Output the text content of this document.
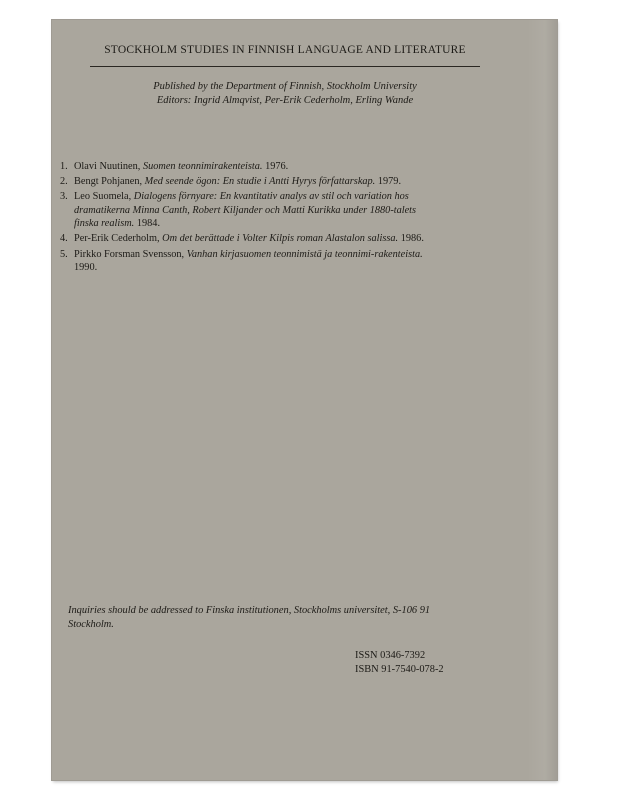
STOCKHOLM STUDIES IN FINNISH LANGUAGE AND LITERATURE
Published by the Department of Finnish, Stockholm University
Editors: Ingrid Almqvist, Per-Erik Cederholm, Erling Wande
1. Olavi Nuutinen, Suomen teonnimirakenteista. 1976.
2. Bengt Pohjanen, Med seende ögon: En studie i Antti Hyrys författarskap. 1979.
3. Leo Suomela, Dialogens förnyare: En kvantitativ analys av stil och variation hos dramatikerna Minna Canth, Robert Kiljander och Matti Kurikka under 1880-talets finska realism. 1984.
4. Per-Erik Cederholm, Om det berättade i Volter Kilpis roman Alastalon salissa. 1986.
5. Pirkko Forsman Svensson, Vanhan kirjasuomen teonnimistä ja teonnimi-rakenteista. 1990.
Inquiries should be addressed to Finska institutionen, Stockholms universitet, S-106 91 Stockholm.
ISSN 0346-7392
ISBN 91-7540-078-2
